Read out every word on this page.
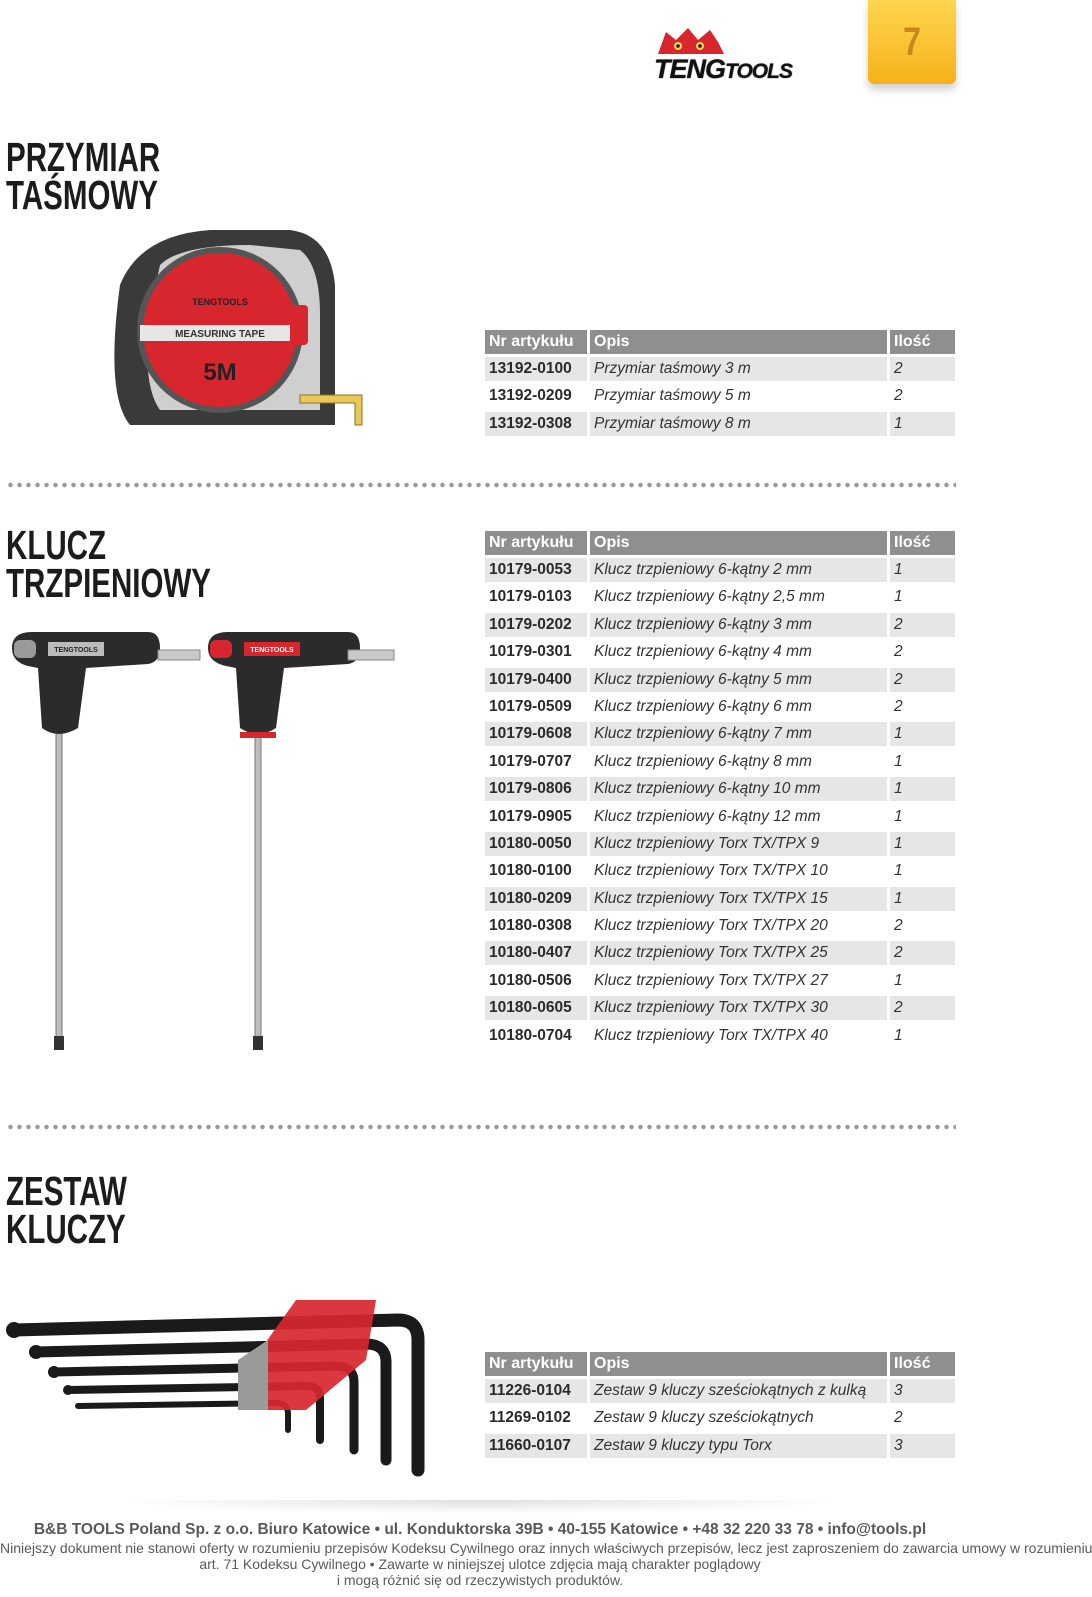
7
TENGTOOLS
PRZYMIAR
TAŚMOWY
MEASURING TAPE
TENGTOOLS
5M
Nr artykułu	Opis	Ilość
13192-0100	Przymiar taśmowy 3 m	2
13192-0209	Przymiar taśmowy 5 m	2
13192-0308	Przymiar taśmowy 8 m	1
KLUCZ
TRZPIENIOWY
TENGTOOLS	TENGTOOLS
Nr artykułu	Opis	Ilość
10179-0053	Klucz trzpieniowy 6-kątny 2 mm	1
10179-0103	Klucz trzpieniowy 6-kątny 2,5 mm	1
10179-0202	Klucz trzpieniowy 6-kątny 3 mm	2
10179-0301	Klucz trzpieniowy 6-kątny 4 mm	2
10179-0400	Klucz trzpieniowy 6-kątny 5 mm	2
10179-0509	Klucz trzpieniowy 6-kątny 6 mm	2
10179-0608	Klucz trzpieniowy 6-kątny 7 mm	1
10179-0707	Klucz trzpieniowy 6-kątny 8 mm	1
10179-0806	Klucz trzpieniowy 6-kątny 10 mm	1
10179-0905	Klucz trzpieniowy 6-kątny 12 mm	1
10180-0050	Klucz trzpieniowy Torx TX/TPX 9	1
10180-0100	Klucz trzpieniowy Torx TX/TPX 10	1
10180-0209	Klucz trzpieniowy Torx TX/TPX 15	1
10180-0308	Klucz trzpieniowy Torx TX/TPX 20	2
10180-0407	Klucz trzpieniowy Torx TX/TPX 25	2
10180-0506	Klucz trzpieniowy Torx TX/TPX 27	1
10180-0605	Klucz trzpieniowy Torx TX/TPX 30	2
10180-0704	Klucz trzpieniowy Torx TX/TPX 40	1
ZESTAW
KLUCZY
Nr artykułu	Opis	Ilość
11226-0104	Zestaw 9 kluczy sześciokątnych z kulką	3
11269-0102	Zestaw 9 kluczy sześciokątnych	2
11660-0107	Zestaw 9 kluczy typu Torx	3
B&B TOOLS Poland Sp. z o.o. Biuro Katowice • ul. Konduktorska 39B • 40-155 Katowice • +48 32 220 33 78 • info@tools.pl
Niniejszy dokument nie stanowi oferty w rozumieniu przepisów Kodeksu Cywilnego oraz innych właściwych przepisów, lecz jest zaproszeniem do zawarcia umowy w rozumieniu
art. 71 Kodeksu Cywilnego • Zawarte w niniejszej ulotce zdjęcia mają charakter poglądowy
i mogą różnić się od rzeczywistych produktów.
